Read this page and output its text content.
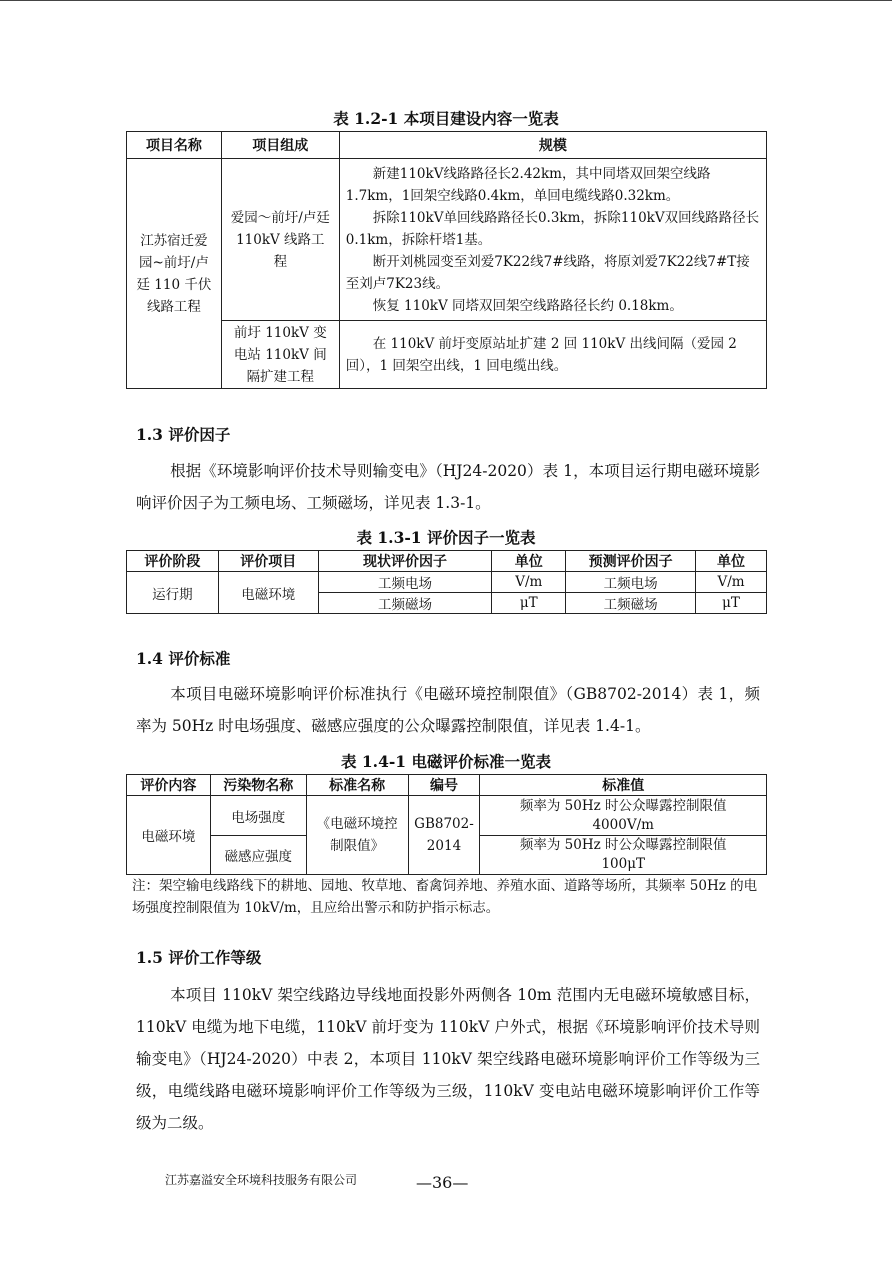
表 1.2-1 本项目建设内容一览表
项目名称	项目组成	规模
江苏宿迁爱园~前圩/卢廷 110 千伏线路工程	爱园～前圩/卢廷 110kV 线路工程	新建110kV线路路径长2.42km，其中同塔双回架空线路1.7km，1回架空线路0.4km，单回电缆线路0.32km。

拆除110kV单回线路路径长0.3km，拆除110kV双回线路路径长0.1km，拆除杆塔1基。

断开刘桃园变至刘爱7K22线7#线路，将原刘爱7K22线7#T接至刘卢7K23线。

恢复 110kV 同塔双回架空线路路径长约 0.18km。

	前圩 110kV 变电站 110kV 间隔扩建工程	在 110kV 前圩变原站址扩建 2 回 110kV 出线间隔（爱园 2 回），1 回架空出线，1 回电缆出线。

1.3 评价因子
根据《环境影响评价技术导则输变电》（HJ24-2020）表 1，本项目运行期电磁环境影响评价因子为工频电场、工频磁场，详见表 1.3-1。
表 1.3-1 评价因子一览表
评价阶段	评价项目	现状评价因子	单位	预测评价因子	单位
运行期	电磁环境	工频电场	V/m	工频电场	V/m
		工频磁场	μT	工频磁场	μT
1.4 评价标准
本项目电磁环境影响评价标准执行《电磁环境控制限值》（GB8702-2014）表 1，频率为 50Hz 时电场强度、磁感应强度的公众曝露控制限值，详见表 1.4-1。
表 1.4-1 电磁评价标准一览表
评价内容	污染物名称	标准名称	编号	标准值
电磁环境	电场强度	《电磁环境控制限值》	GB8702-2014	频率为 50Hz 时公众曝露控制限值
4000V/m

	磁感应强度			频率为 50Hz 时公众曝露控制限值
100μT
注：架空输电线路线下的耕地、园地、牧草地、畜禽饲养地、养殖水面、道路等场所，其频率 50Hz 的电场强度控制限值为 10kV/m，且应给出警示和防护指示标志。
1.5 评价工作等级
本项目 110kV 架空线路边导线地面投影外两侧各 10m 范围内无电磁环境敏感目标，110kV 电缆为地下电缆，110kV 前圩变为 110kV 户外式，根据《环境影响评价技术导则输变电》（HJ24-2020）中表 2，本项目 110kV 架空线路电磁环境影响评价工作等级为三级，电缆线路电磁环境影响评价工作等级为三级，110kV 变电站电磁环境影响评价工作等级为二级。
江苏嘉溢安全环境科技服务有限公司	—36—
